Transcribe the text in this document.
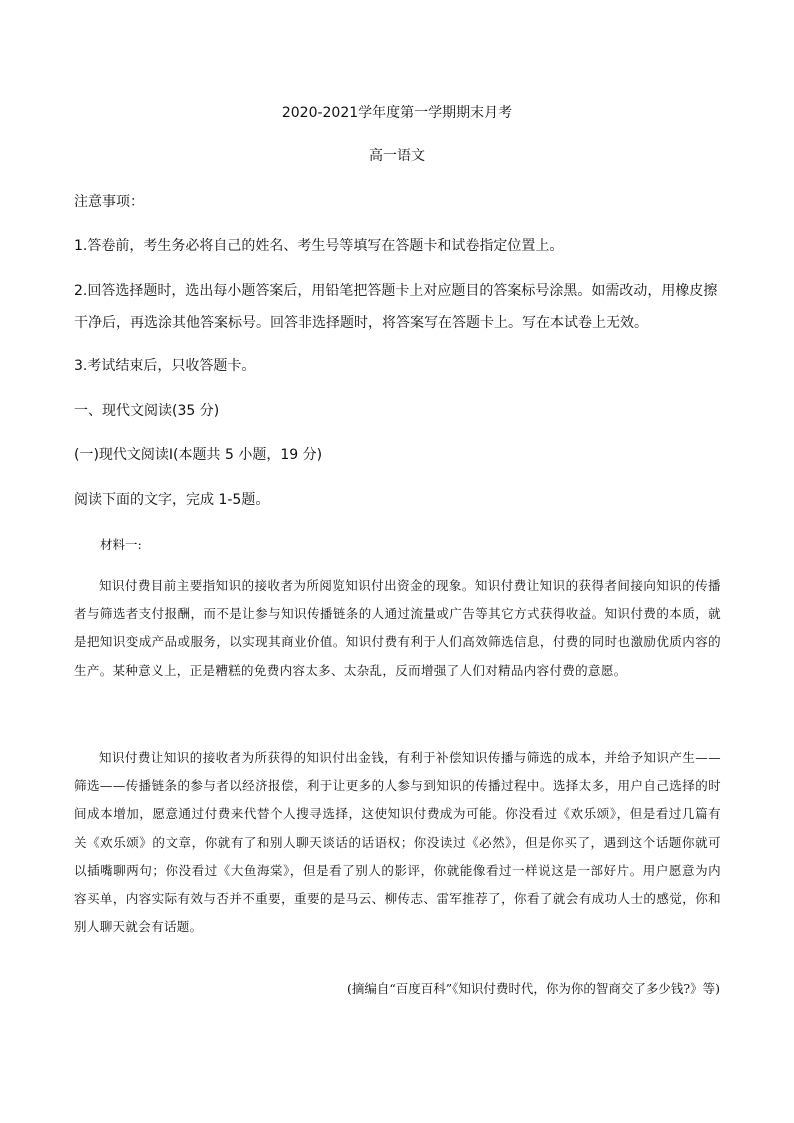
2020-2021学年度第一学期期末月考
高一语文
注意事项：
1.答卷前，考生务必将自己的姓名、考生号等填写在答题卡和试卷指定位置上。
2.回答选择题时，选出每小题答案后，用铅笔把答题卡上对应题目的答案标号涂黑。如需改动，用橡皮擦
干净后，再选涂其他答案标号。回答非选择题时，将答案写在答题卡上。写在本试卷上无效。
3.考试结束后，只收答题卡。
一、现代文阅读(35 分)
(一)现代文阅读Ⅰ(本题共 5 小题，19 分)
阅读下面的文字，完成 1-5题。
材料一:
知识付费目前主要指知识的接收者为所阅览知识付出资金的现象。知识付费让知识的获得者间接向知识的传播者与筛选者支付报酬，而不是让参与知识传播链条的人通过流量或广告等其它方式获得收益。知识付费的本质，就是把知识变成产品或服务，以实现其商业价值。知识付费有利于人们高效筛选信息，付费的同时也激励优质内容的生产。某种意义上，正是糟糕的免费内容太多、太杂乱，反而增强了人们对精品内容付费的意愿。
知识付费让知识的接收者为所获得的知识付出金钱，有利于补偿知识传播与筛选的成本，并给予知识产生——筛选——传播链条的参与者以经济报偿，利于让更多的人参与到知识的传播过程中。选择太多，用户自己选择的时间成本增加，愿意通过付费来代替个人搜寻选择，这使知识付费成为可能。你没看过《欢乐颂》，但是看过几篇有关《欢乐颂》的文章，你就有了和别人聊天谈话的话语权；你没读过《必然》，但是你买了，遇到这个话题你就可以插嘴聊两句；你没看过《大鱼海棠》，但是看了别人的影评，你就能像看过一样说这是一部好片。用户愿意为内容买单，内容实际有效与否并不重要，重要的是马云、柳传志、雷军推荐了，你看了就会有成功人士的感觉，你和别人聊天就会有话题。
(摘编自“百度百科”《知识付费时代，你为你的智商交了多少钱?》等)
